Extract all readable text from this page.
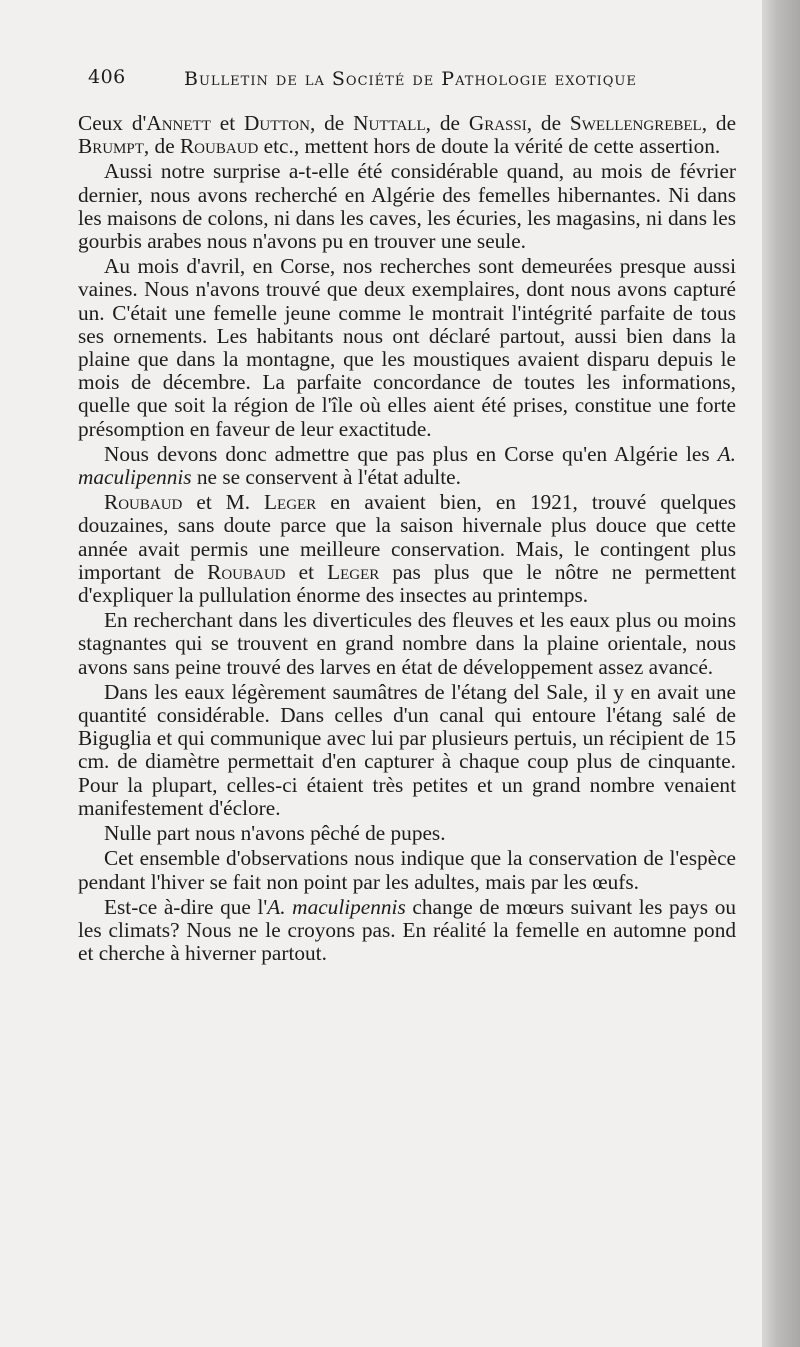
406	Bulletin de la Société de Pathologie exotique

Ceux d'Annett et Dutton, de Nuttall, de Grassi, de Swellengrebel, de Brumpt, de Roubaud etc., mettent hors de doute la vérité de cette assertion.

Aussi notre surprise a-t-elle été considérable quand, au mois de février dernier, nous avons recherché en Algérie des femelles hibernantes. Ni dans les maisons de colons, ni dans les caves, les écuries, les magasins, ni dans les gourbis arabes nous n'avons pu en trouver une seule.

Au mois d'avril, en Corse, nos recherches sont demeurées presque aussi vaines. Nous n'avons trouvé que deux exemplaires, dont nous avons capturé un. C'était une femelle jeune comme le montrait l'intégrité parfaite de tous ses ornements. Les habitants nous ont déclaré partout, aussi bien dans la plaine que dans la montagne, que les moustiques avaient disparu depuis le mois de décembre. La parfaite concordance de toutes les informations, quelle que soit la région de l'île où elles aient été prises, constitue une forte présomption en faveur de leur exactitude.

Nous devons donc admettre que pas plus en Corse qu'en Algérie les A. maculipennis ne se conservent à l'état adulte.

Roubaud et M. Leger en avaient bien, en 1921, trouvé quelques douzaines, sans doute parce que la saison hivernale plus douce que cette année avait permis une meilleure conservation. Mais, le contingent plus important de Roubaud et Leger pas plus que le nôtre ne permettent d'expliquer la pullulation énorme des insectes au printemps.

En recherchant dans les diverticules des fleuves et les eaux plus ou moins stagnantes qui se trouvent en grand nombre dans la plaine orientale, nous avons sans peine trouvé des larves en état de développement assez avancé.

Dans les eaux légèrement saumâtres de l'étang del Sale, il y en avait une quantité considérable. Dans celles d'un canal qui entoure l'étang salé de Biguglia et qui communique avec lui par plusieurs pertuis, un récipient de 15 cm. de diamètre permettait d'en capturer à chaque coup plus de cinquante. Pour la plupart, celles-ci étaient très petites et un grand nombre venaient manifestement d'éclore.

Nulle part nous n'avons pêché de pupes.

Cet ensemble d'observations nous indique que la conservation de l'espèce pendant l'hiver se fait non point par les adultes, mais par les œufs.

Est-ce à-dire que l'A. maculipennis change de mœurs suivant les pays ou les climats? Nous ne le croyons pas. En réalité la femelle en automne pond et cherche à hiverner partout.
